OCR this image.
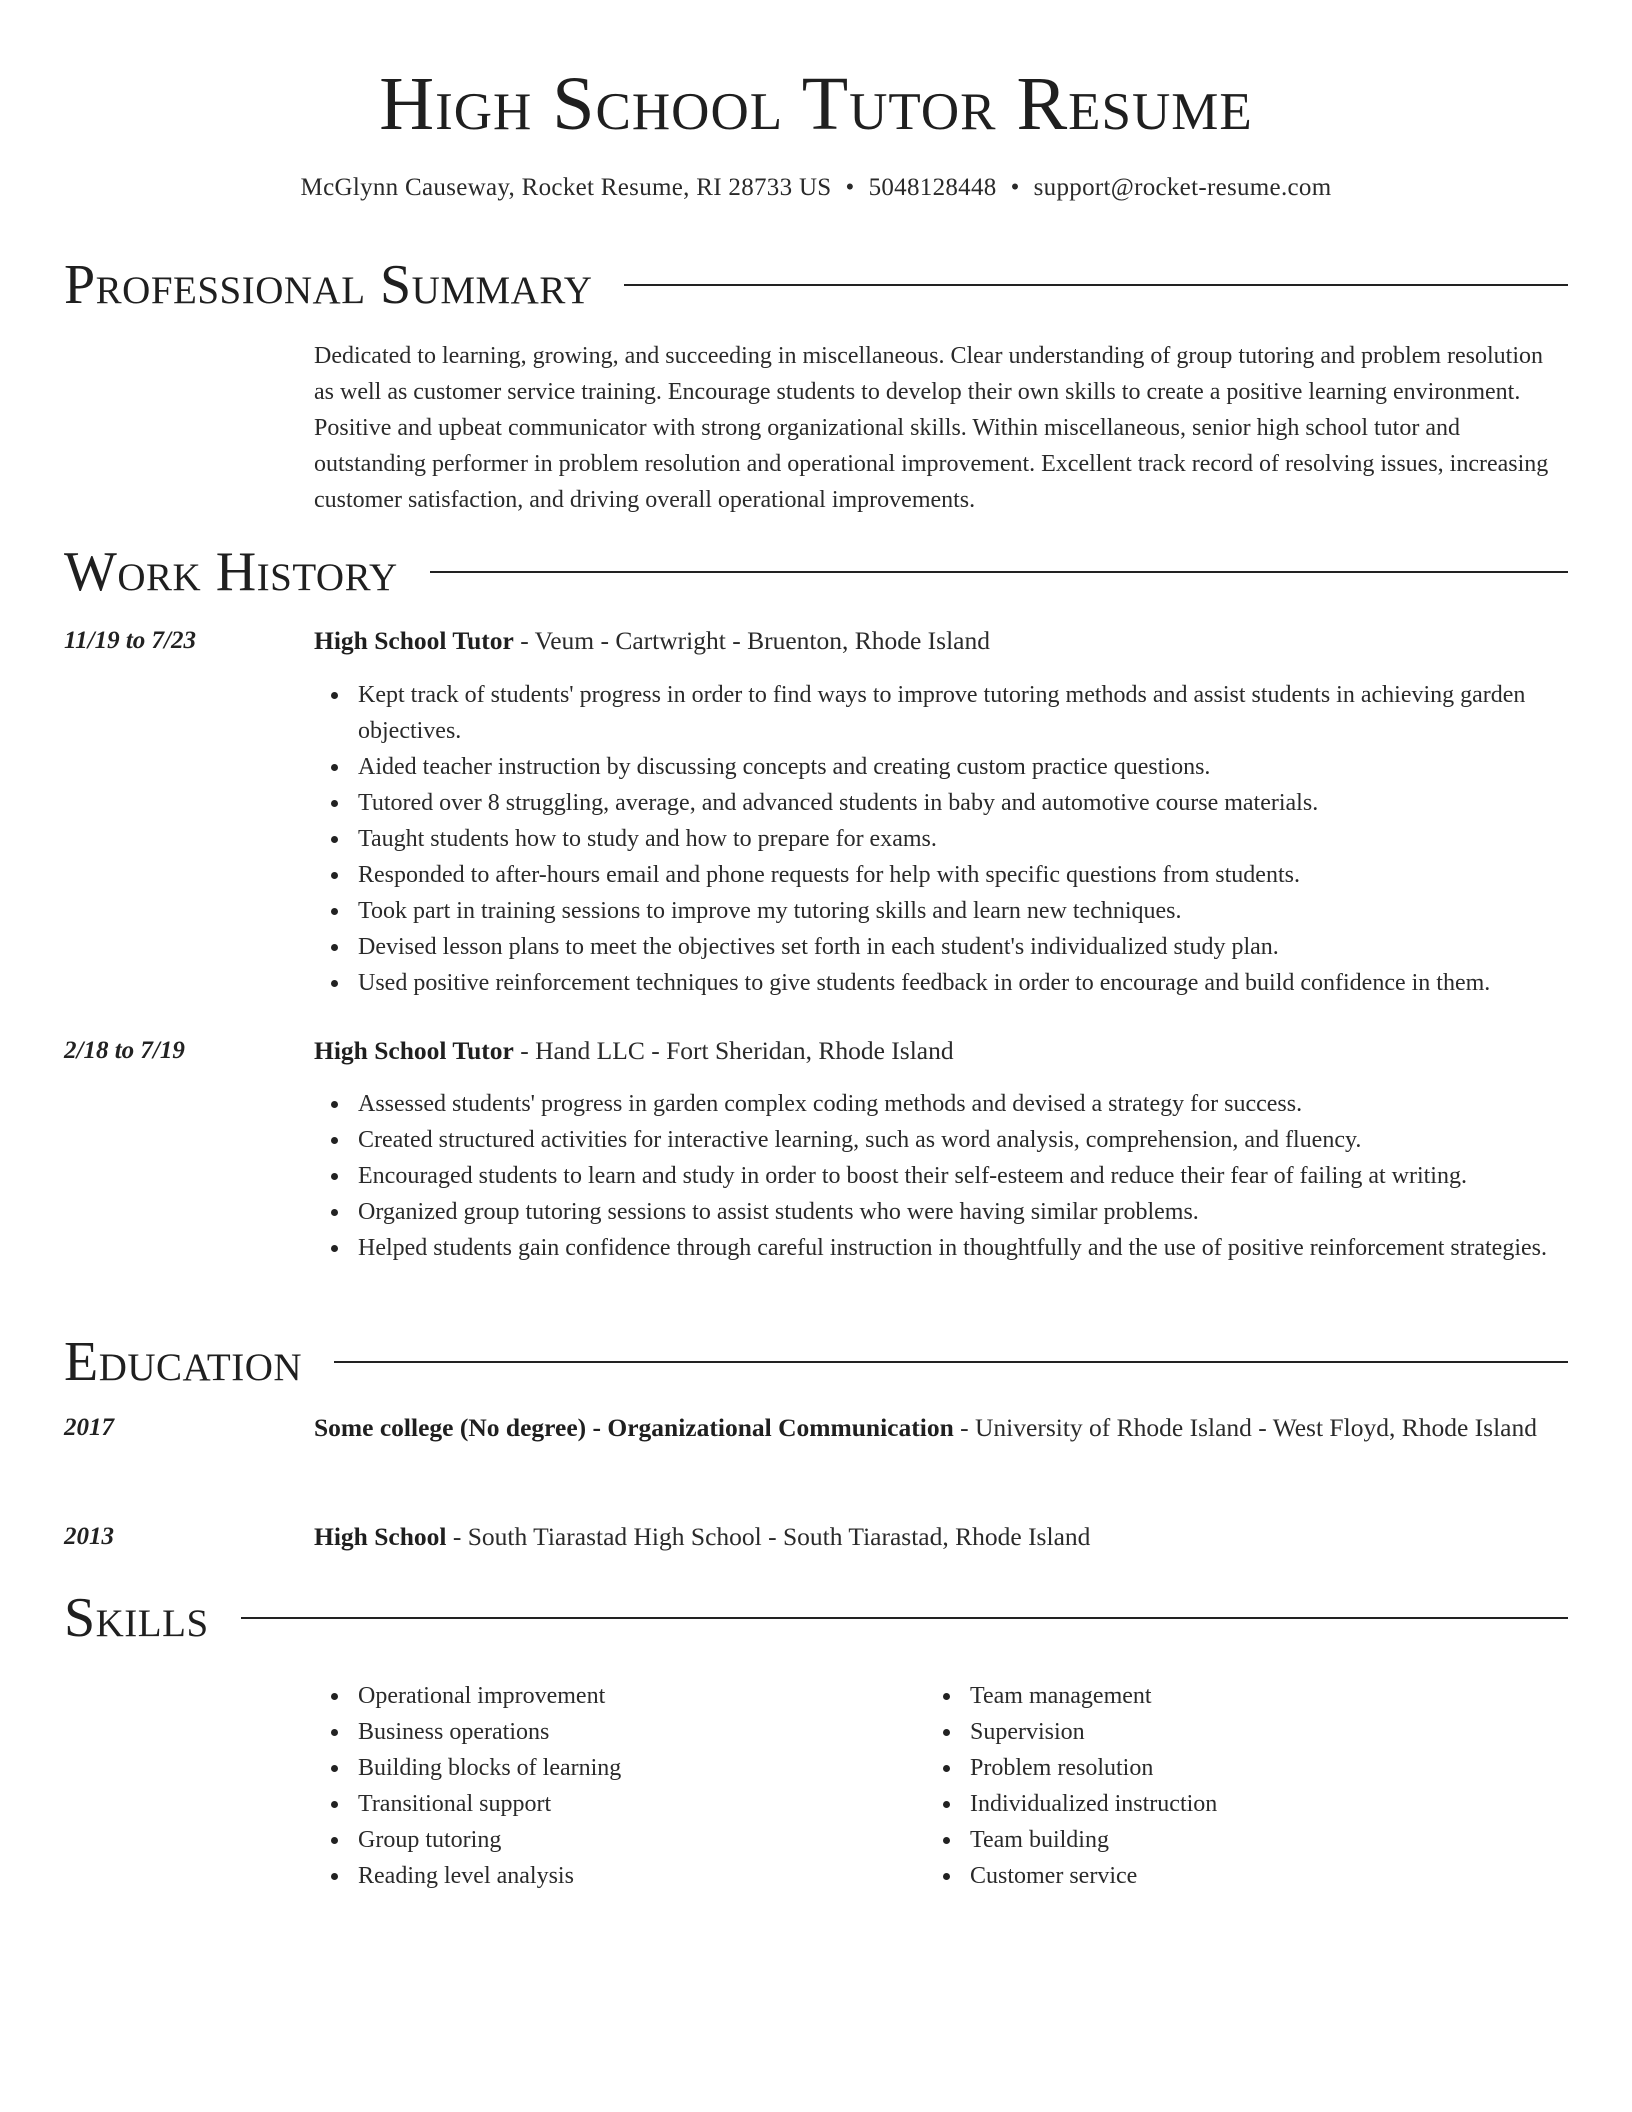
High School Tutor Resume
McGlynn Causeway, Rocket Resume, RI 28733 US • 5048128448 • support@rocket-resume.com
Professional Summary
Dedicated to learning, growing, and succeeding in miscellaneous. Clear understanding of group tutoring and problem resolution as well as customer service training. Encourage students to develop their own skills to create a positive learning environment. Positive and upbeat communicator with strong organizational skills. Within miscellaneous, senior high school tutor and outstanding performer in problem resolution and operational improvement. Excellent track record of resolving issues, increasing customer satisfaction, and driving overall operational improvements.
Work History
11/19 to 7/23	High School Tutor - Veum - Cartwright - Bruenton, Rhode Island
Kept track of students' progress in order to find ways to improve tutoring methods and assist students in achieving garden objectives.
Aided teacher instruction by discussing concepts and creating custom practice questions.
Tutored over 8 struggling, average, and advanced students in baby and automotive course materials.
Taught students how to study and how to prepare for exams.
Responded to after-hours email and phone requests for help with specific questions from students.
Took part in training sessions to improve my tutoring skills and learn new techniques.
Devised lesson plans to meet the objectives set forth in each student's individualized study plan.
Used positive reinforcement techniques to give students feedback in order to encourage and build confidence in them.
2/18 to 7/19	High School Tutor - Hand LLC - Fort Sheridan, Rhode Island
Assessed students' progress in garden complex coding methods and devised a strategy for success.
Created structured activities for interactive learning, such as word analysis, comprehension, and fluency.
Encouraged students to learn and study in order to boost their self-esteem and reduce their fear of failing at writing.
Organized group tutoring sessions to assist students who were having similar problems.
Helped students gain confidence through careful instruction in thoughtfully and the use of positive reinforcement strategies.
Education
2017	Some college (No degree) - Organizational Communication - University of Rhode Island - West Floyd, Rhode Island
2013	High School - South Tiarastad High School - South Tiarastad, Rhode Island
Skills
Operational improvement
Business operations
Building blocks of learning
Transitional support
Group tutoring
Reading level analysis
Team management
Supervision
Problem resolution
Individualized instruction
Team building
Customer service
